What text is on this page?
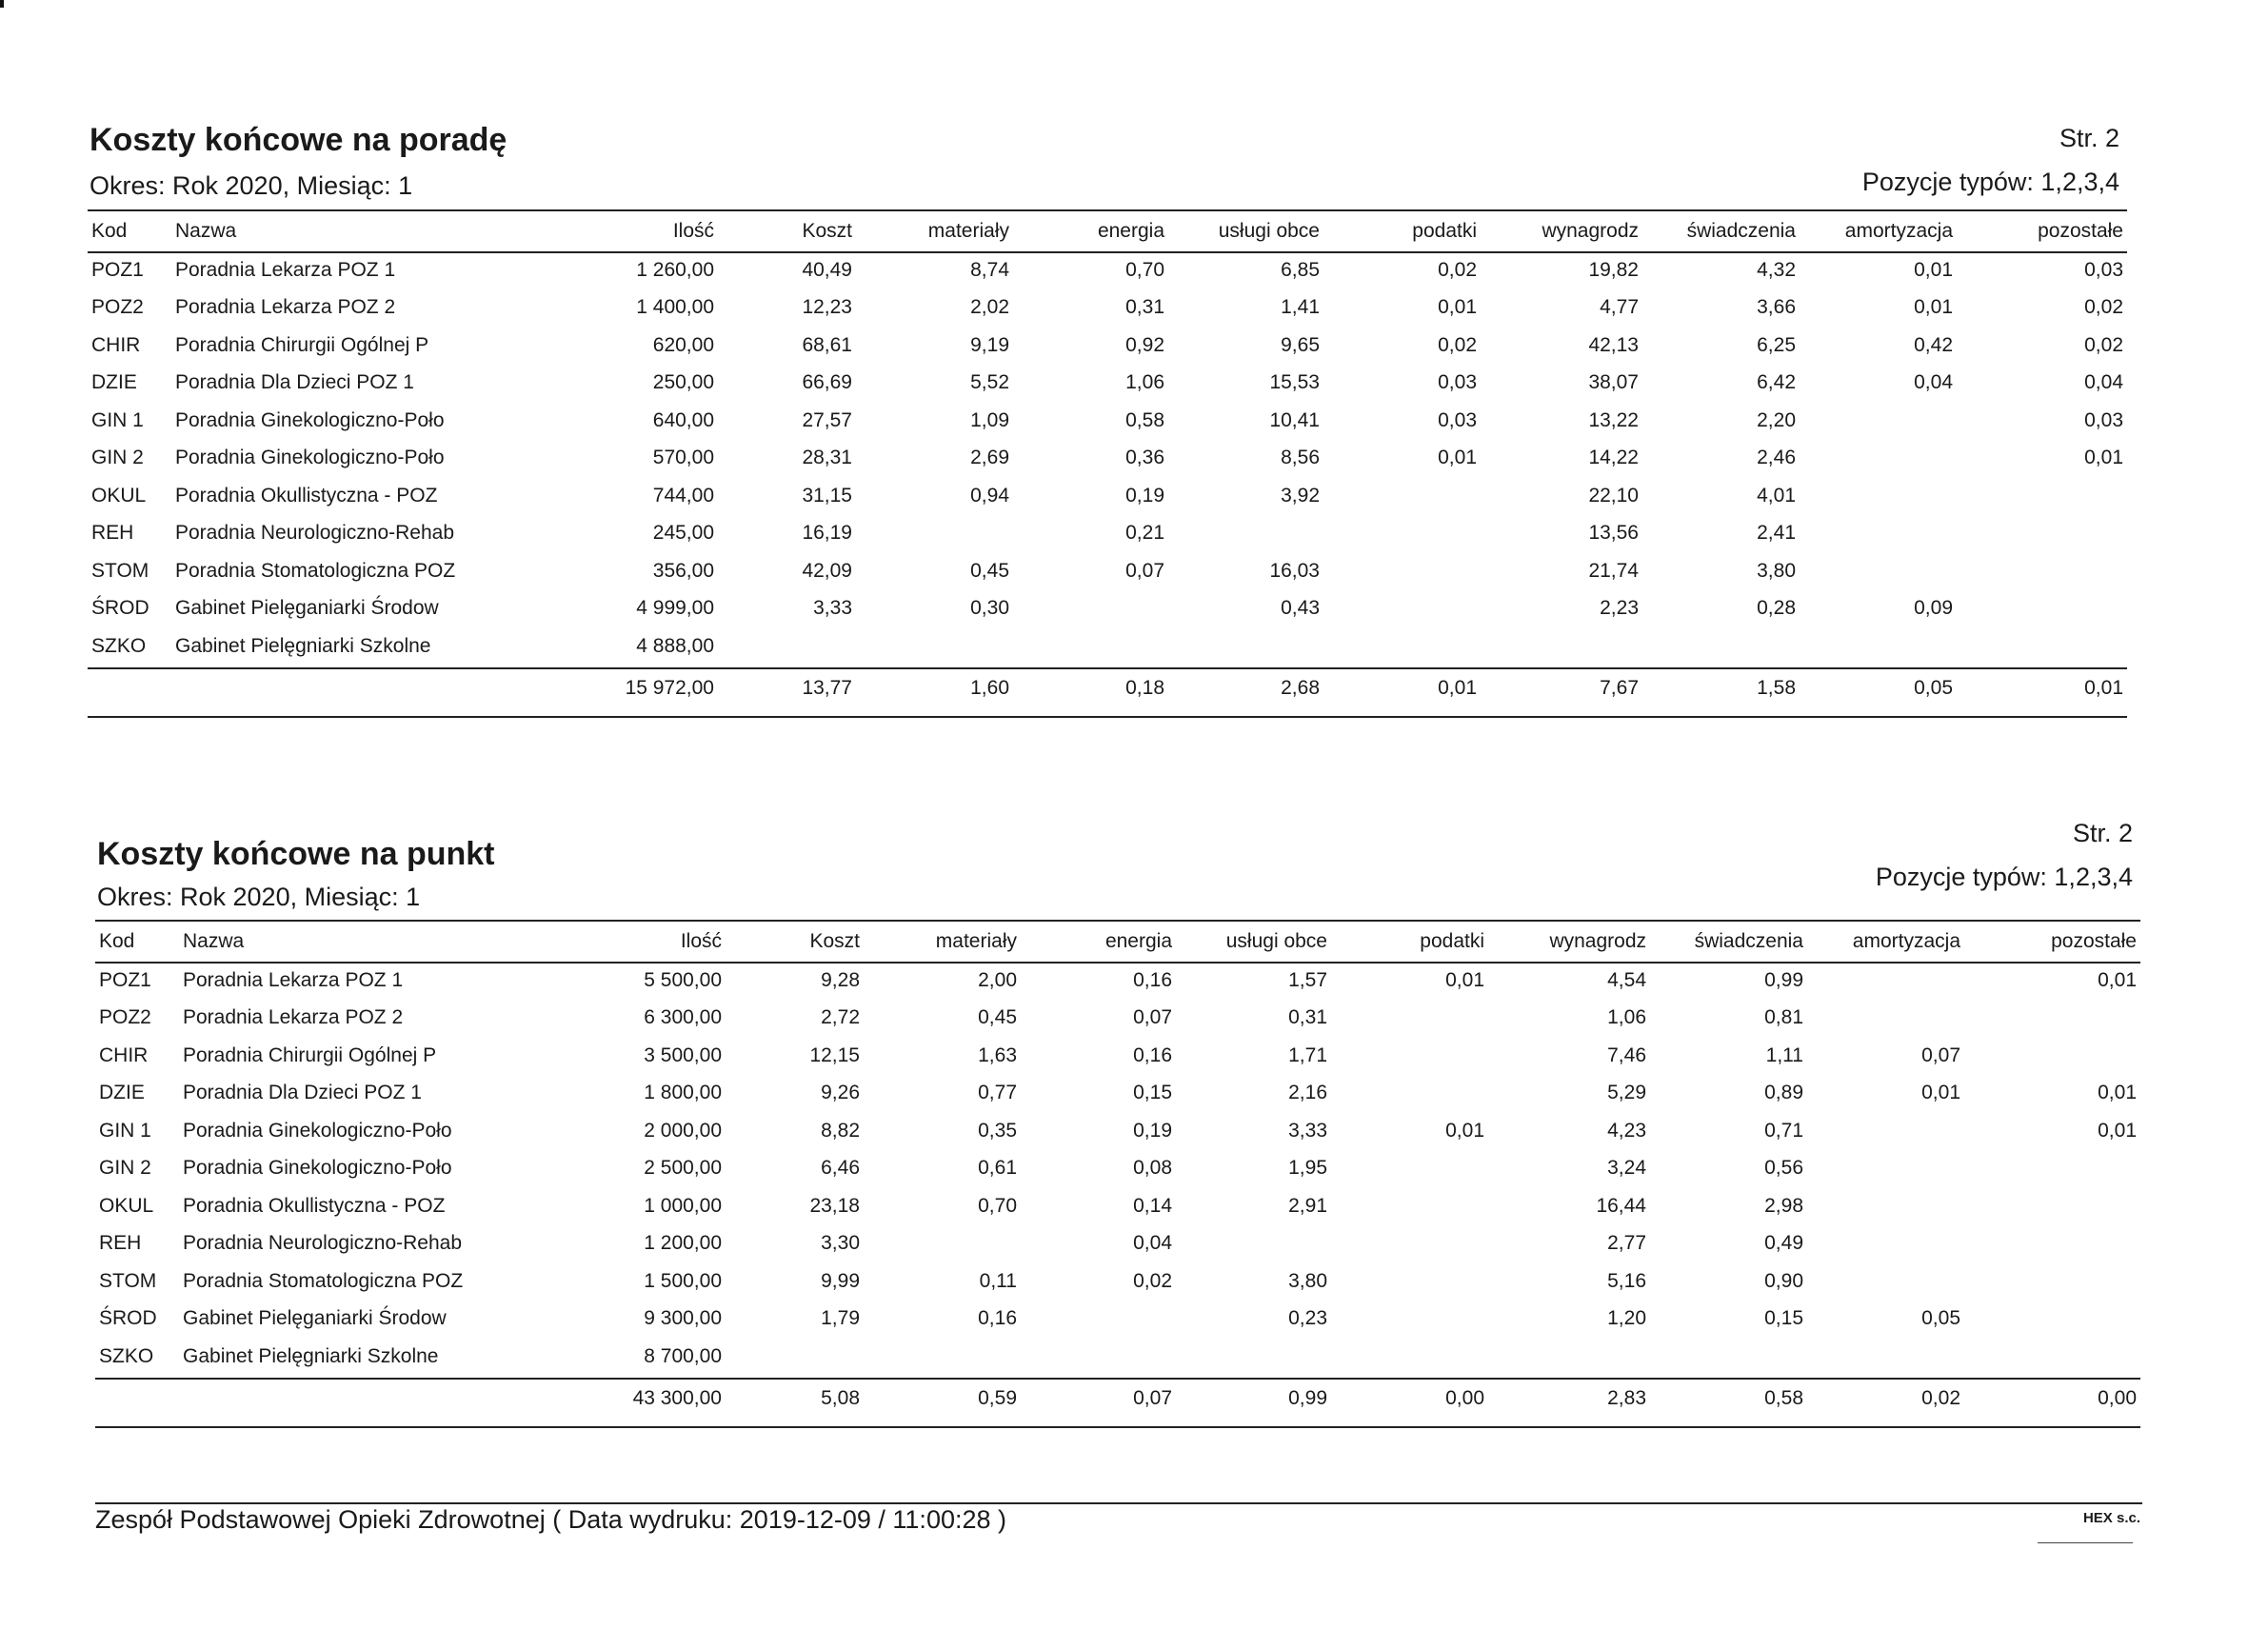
Koszty końcowe na poradę
Okres: Rok 2020, Miesiąc: 1
Str. 2
Pozycje typów: 1,2,3,4
Kod	Nazwa	Ilość	Koszt	materiały	energia	usługi obce	podatki	wynagrodz	świadczenia	amortyzacja	pozostałe
POZ1	Poradnia Lekarza POZ 1	1 260,00	40,49	8,74	0,70	6,85	0,02	19,82	4,32	0,01	0,03
POZ2	Poradnia Lekarza POZ 2	1 400,00	12,23	2,02	0,31	1,41	0,01	4,77	3,66	0,01	0,02
CHIR	Poradnia Chirurgii Ogólnej P	620,00	68,61	9,19	0,92	9,65	0,02	42,13	6,25	0,42	0,02
DZIE	Poradnia Dla Dzieci POZ 1	250,00	66,69	5,52	1,06	15,53	0,03	38,07	6,42	0,04	0,04
GIN 1	Poradnia Ginekologiczno-Poło	640,00	27,57	1,09	0,58	10,41	0,03	13,22	2,20		0,03
GIN 2	Poradnia Ginekologiczno-Poło	570,00	28,31	2,69	0,36	8,56	0,01	14,22	2,46		0,01
OKUL	Poradnia Okullistyczna - POZ	744,00	31,15	0,94	0,19	3,92		22,10	4,01		
REH	Poradnia Neurologiczno-Rehab	245,00	16,19		0,21			13,56	2,41		
STOM	Poradnia Stomatologiczna POZ	356,00	42,09	0,45	0,07	16,03		21,74	3,80		
ŚROD	Gabinet Pielęganiarki Środow	4 999,00	3,33	0,30		0,43		2,23	0,28	0,09	
SZKO	Gabinet Pielęgniarki Szkolne	4 888,00									
		15 972,00	13,77	1,60	0,18	2,68	0,01	7,67	1,58	0,05	0,01
Koszty końcowe na punkt
Okres: Rok 2020, Miesiąc: 1
Str. 2
Pozycje typów: 1,2,3,4
Kod	Nazwa	Ilość	Koszt	materiały	energia	usługi obce	podatki	wynagrodz	świadczenia	amortyzacja	pozostałe
POZ1	Poradnia Lekarza POZ 1	5 500,00	9,28	2,00	0,16	1,57	0,01	4,54	0,99		0,01
POZ2	Poradnia Lekarza POZ 2	6 300,00	2,72	0,45	0,07	0,31		1,06	0,81		
CHIR	Poradnia Chirurgii Ogólnej P	3 500,00	12,15	1,63	0,16	1,71		7,46	1,11	0,07	
DZIE	Poradnia Dla Dzieci POZ 1	1 800,00	9,26	0,77	0,15	2,16		5,29	0,89	0,01	0,01
GIN 1	Poradnia Ginekologiczno-Poło	2 000,00	8,82	0,35	0,19	3,33	0,01	4,23	0,71		0,01
GIN 2	Poradnia Ginekologiczno-Poło	2 500,00	6,46	0,61	0,08	1,95		3,24	0,56		
OKUL	Poradnia Okullistyczna - POZ	1 000,00	23,18	0,70	0,14	2,91		16,44	2,98		
REH	Poradnia Neurologiczno-Rehab	1 200,00	3,30		0,04			2,77	0,49		
STOM	Poradnia Stomatologiczna POZ	1 500,00	9,99	0,11	0,02	3,80		5,16	0,90		
ŚROD	Gabinet Pielęganiarki Środow	9 300,00	1,79	0,16		0,23		1,20	0,15	0,05	
SZKO	Gabinet Pielęgniarki Szkolne	8 700,00									
		43 300,00	5,08	0,59	0,07	0,99	0,00	2,83	0,58	0,02	0,00
Zespół Podstawowej Opieki Zdrowotnej ( Data wydruku: 2019-12-09 / 11:00:28 )	HEX s.c.
